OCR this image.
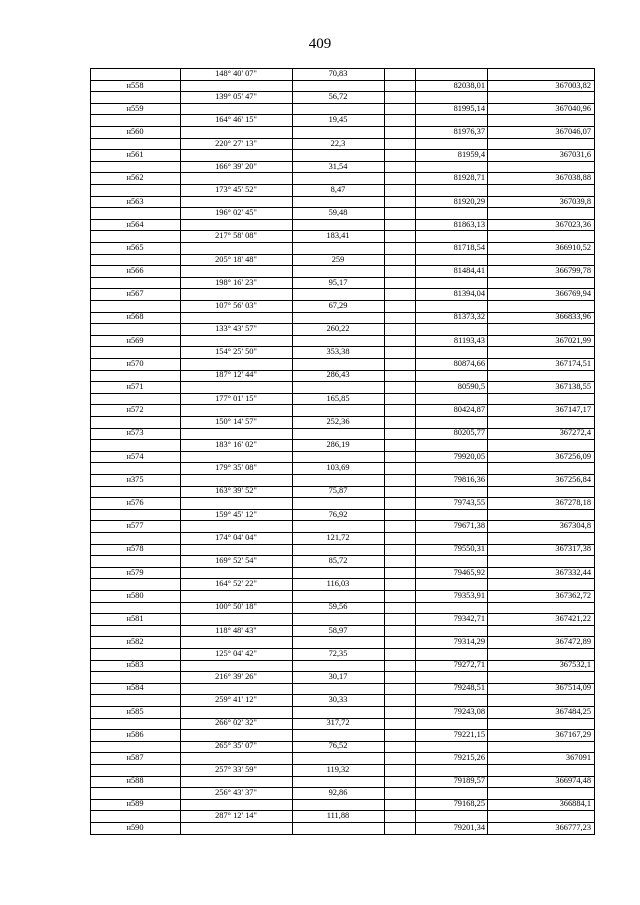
409
148° 40' 07"	70,83
н558	82038,01	367003,82
139° 05' 47"	56,72
н559	81995,14	367040,96
164° 46' 15"	19,45
н560	81976,37	367046,07
220° 27' 13"	22,3
н561	81959,4	367031,6
166° 39' 20"	31,54
н562	81928,71	367038,88
173° 45' 52"	8,47
н563	81920,29	367039,8
196° 02' 45"	59,48
н564	81863,13	367023,36
217° 58' 08"	183,41
н565	81718,54	366910,52
205° 18' 48"	259
н566	81484,41	366799,78
198° 16' 23"	95,17
н567	81394,04	366769,94
107° 56' 03"	67,29
н568	81373,32	366833,96
133° 43' 57"	260,22
н569	81193,43	367021,99
154° 25' 50"	353,38
н570	80874,66	367174,51
187° 12' 44"	286,43
н571	80590,5	367138,55
177° 01' 15"	165,85
н572	80424,87	367147,17
150° 14' 57"	252,36
н573	80205,77	367272,4
183° 16' 02"	286,19
н574	79920,05	367256,09
179° 35' 08"	103,69
н375	79816,36	367256,84
163° 39' 52"	75,87
н576	79743,55	367278,18
159° 45' 12"	76,92
н577	79671,38	367304,8
174° 04' 04"	121,72
н578	79550,31	367317,38
169° 52' 54"	85,72
н579	79465,92	367332,44
164° 52' 22"	116,03
н580	79353,91	367362,72
100° 50' 18"	59,56
н581	79342,71	367421,22
118° 48' 43"	58,97
н582	79314,29	367472,89
125° 04' 42"	72,35
н583	79272,71	367532,1
216° 39' 26"	30,17
н584	79248,51	367514,09
259° 41' 12"	30,33
н585	79243,08	367484,25
266° 02' 32"	317,72
н586	79221,15	367167,29
265° 35' 07"	76,52
н587	79215,26	367091
257° 33' 59"	119,32
н588	79189,57	366974,48
256° 43' 37"	92,86
н589	79168,25	366884,1
287° 12' 14"	111,88
н590	79201,34	366777,23
